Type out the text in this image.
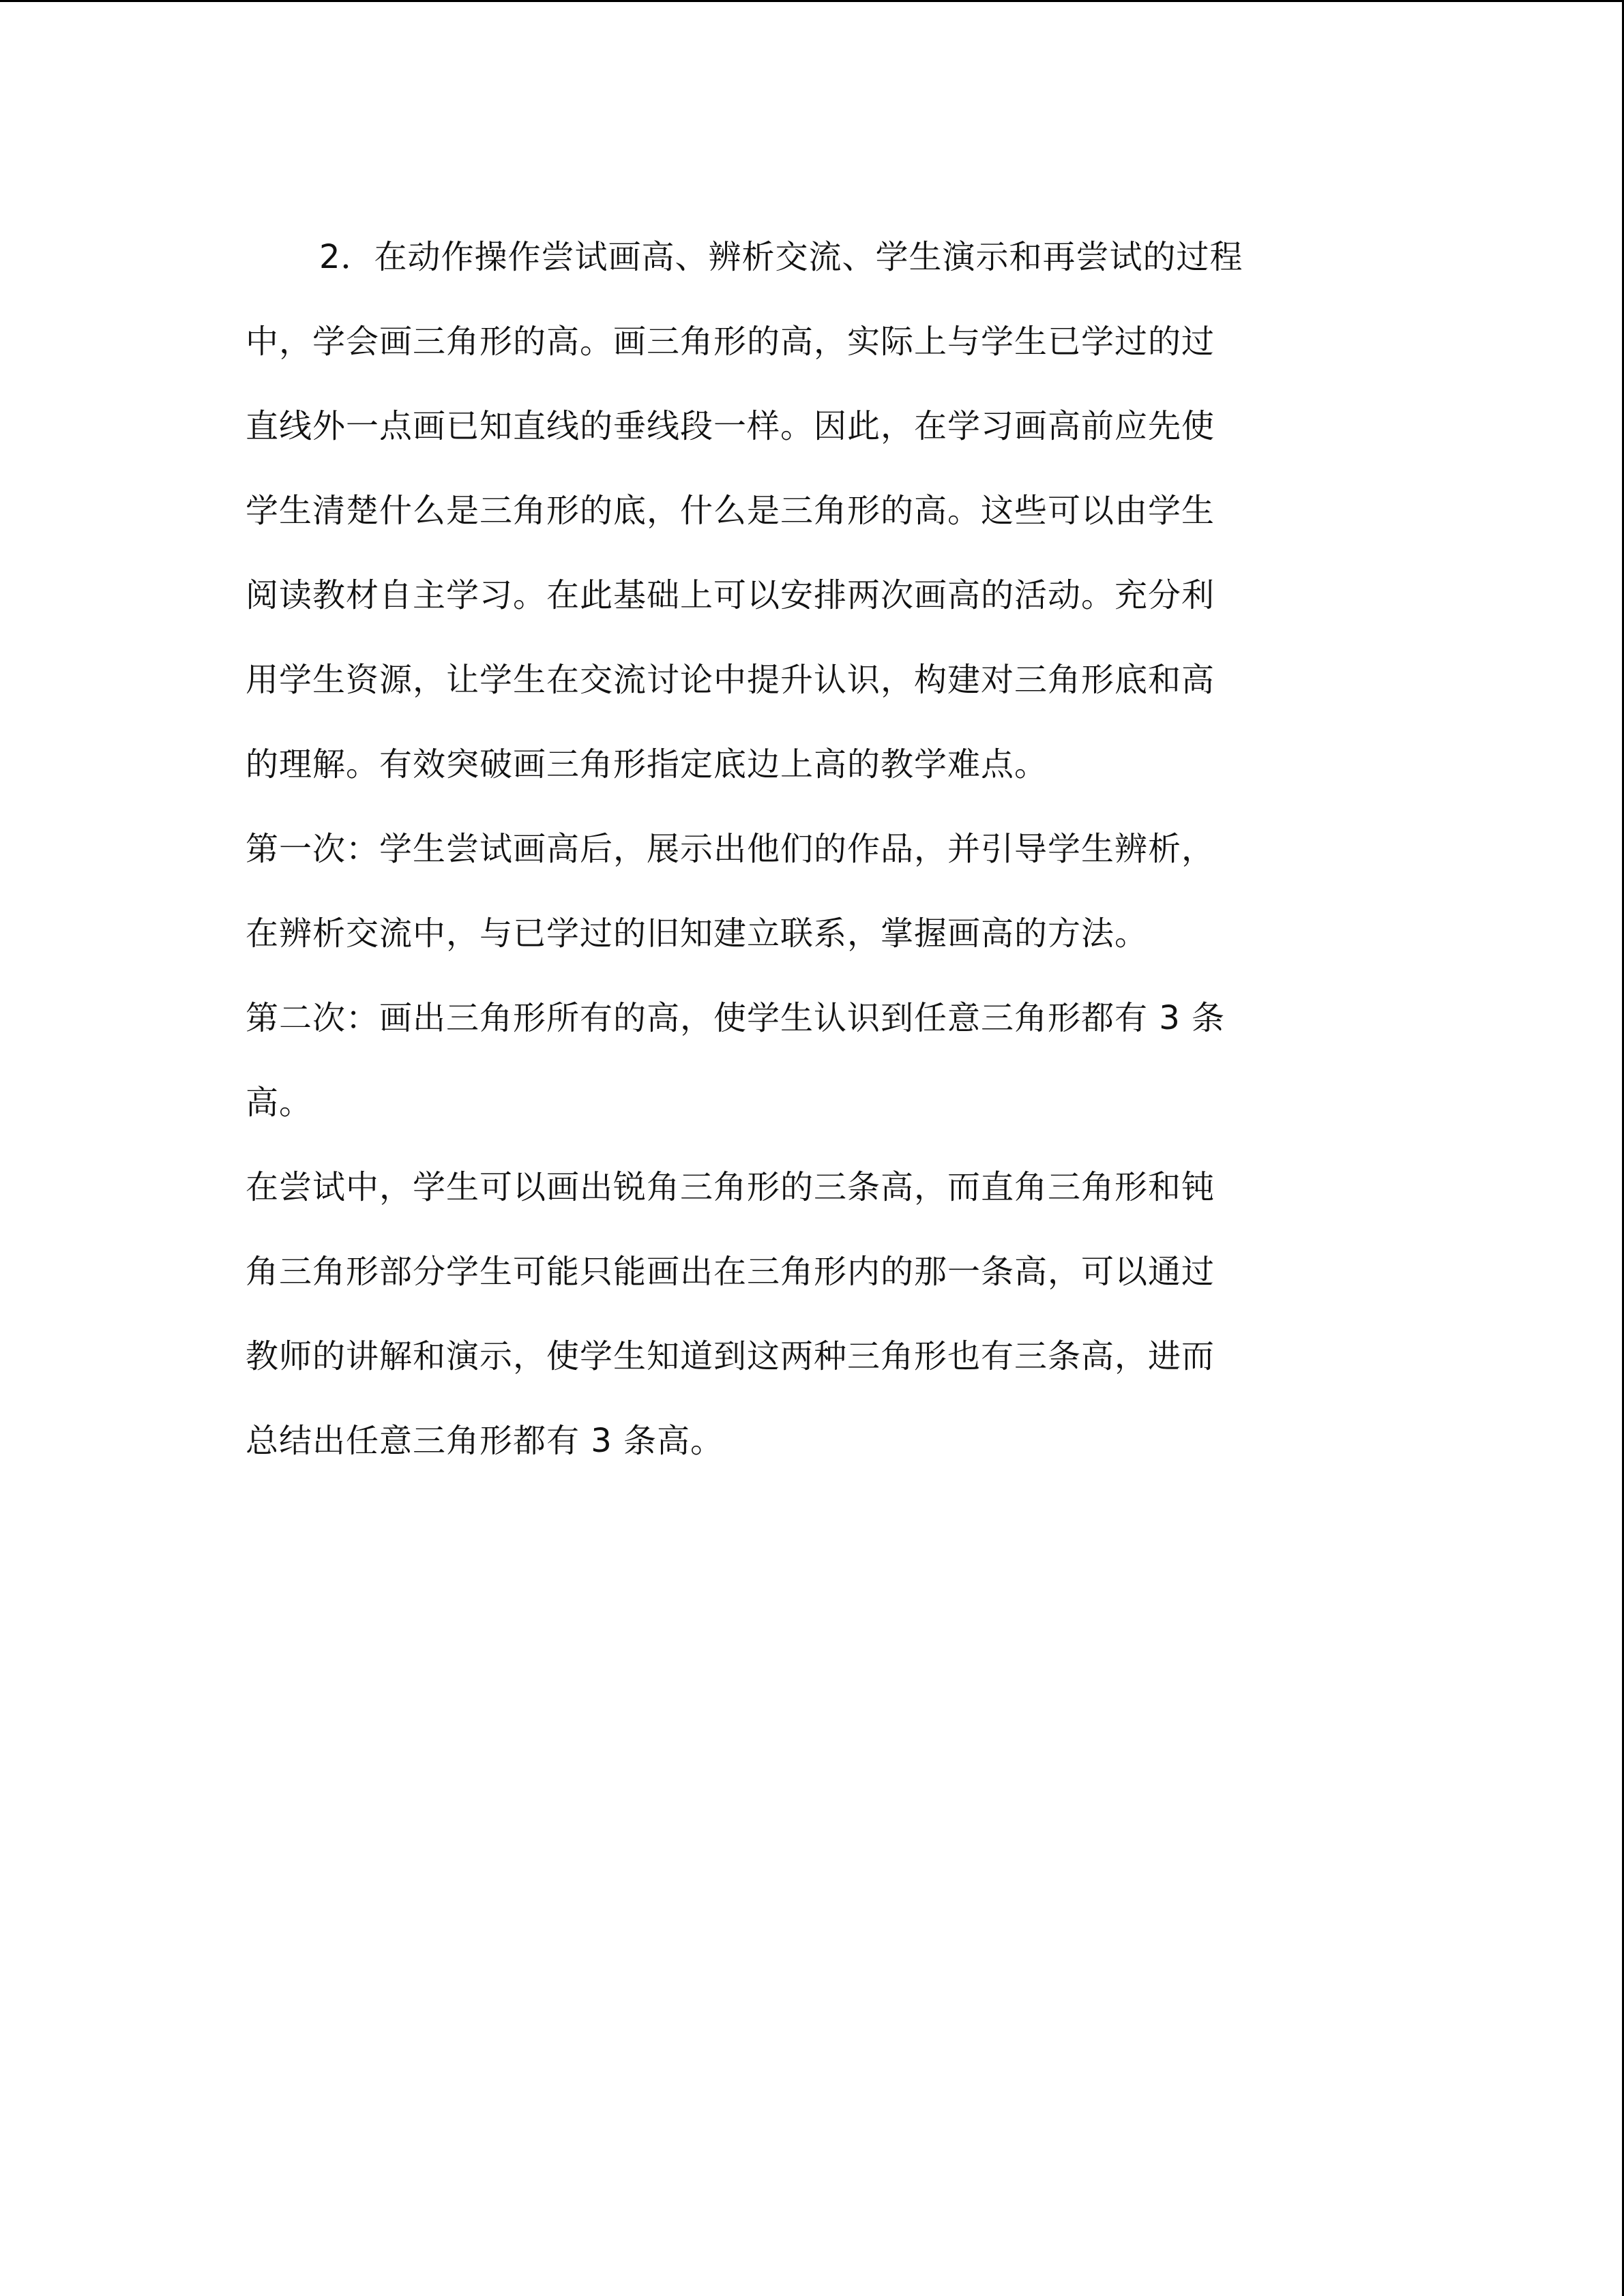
2．在动作操作尝试画高、辨析交流、学生演示和再尝试的过程
中，学会画三角形的高。画三角形的高，实际上与学生已学过的过
直线外一点画已知直线的垂线段一样。因此，在学习画高前应先使
学生清楚什么是三角形的底，什么是三角形的高。这些可以由学生
阅读教材自主学习。在此基础上可以安排两次画高的活动。充分利
用学生资源，让学生在交流讨论中提升认识，构建对三角形底和高
的理解。有效突破画三角形指定底边上高的教学难点。
第一次：学生尝试画高后，展示出他们的作品，并引导学生辨析，
在辨析交流中，与已学过的旧知建立联系，掌握画高的方法。
第二次：画出三角形所有的高，使学生认识到任意三角形都有 3 条
高。
在尝试中，学生可以画出锐角三角形的三条高，而直角三角形和钝
角三角形部分学生可能只能画出在三角形内的那一条高，可以通过
教师的讲解和演示，使学生知道到这两种三角形也有三条高，进而
总结出任意三角形都有 3 条高。
